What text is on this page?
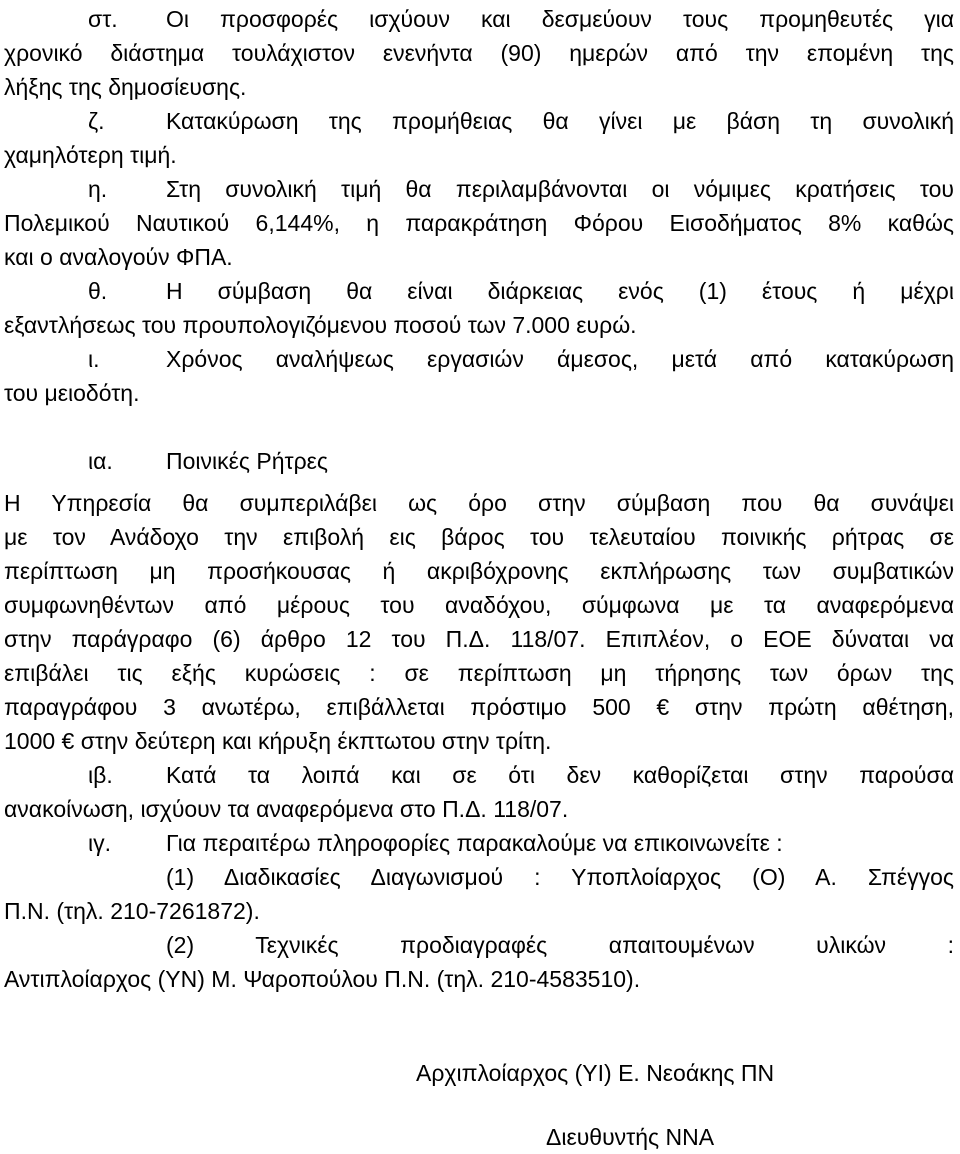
στ.	Οι προσφορές ισχύουν και δεσμεύουν τους προμηθευτές για
χρονικό διάστημα τουλάχιστον ενενήντα (90) ημερών από την επομένη της
λήξης της δημοσίευσης.
ζ.	Κατακύρωση της προμήθειας θα γίνει με βάση τη συνολική
χαμηλότερη τιμή.
η.	Στη συνολική τιμή θα περιλαμβάνονται οι νόμιμες κρατήσεις του
Πολεμικού Ναυτικού 6,144%, η παρακράτηση Φόρου Εισοδήματος 8% καθώς
και ο αναλογούν ΦΠΑ.
θ.	Η σύμβαση θα είναι διάρκειας ενός (1) έτους ή μέχρι
εξαντλήσεως του προυπολογιζόμενου ποσού των 7.000 ευρώ.
ι.	Χρόνος αναλήψεως εργασιών άμεσος, μετά από κατακύρωση
του μειοδότη.
ια.	Ποινικές Ρήτρες
Η Υπηρεσία θα συμπεριλάβει ως όρο στην σύμβαση που θα συνάψει
με τον Ανάδοχο την επιβολή εις βάρος του τελευταίου ποινικής ρήτρας σε
περίπτωση μη προσήκουσας ή ακριβόχρονης εκπλήρωσης των συμβατικών
συμφωνηθέντων από μέρους του αναδόχου, σύμφωνα με τα αναφερόμενα
στην παράγραφο (6) άρθρο 12 του Π.Δ. 118/07. Επιπλέον, ο ΕΟΕ δύναται να
επιβάλει τις εξής κυρώσεις : σε περίπτωση μη τήρησης των όρων της
παραγράφου 3 ανωτέρω, επιβάλλεται πρόστιμο 500 € στην πρώτη αθέτηση,
1000 € στην δεύτερη και κήρυξη έκπτωτου στην τρίτη.
ιβ.	Κατά τα λοιπά και σε ότι δεν καθορίζεται στην παρούσα
ανακοίνωση, ισχύουν τα αναφερόμενα στο Π.Δ. 118/07.
ιγ.	Για περαιτέρω πληροφορίες παρακαλούμε να επικοινωνείτε :
(1) Διαδικασίες Διαγωνισμού : Υποπλοίαρχος (Ο) Α. Σπέγγος
Π.Ν. (τηλ. 210-7261872).
(2) Τεχνικές προδιαγραφές απαιτουμένων υλικών :
Αντιπλοίαρχος (ΥΝ) Μ. Ψαροπούλου Π.Ν. (τηλ. 210-4583510).
Αρχιπλοίαρχος (ΥΙ) Ε. Νεοάκης ΠΝ
Διευθυντής ΝΝΑ
